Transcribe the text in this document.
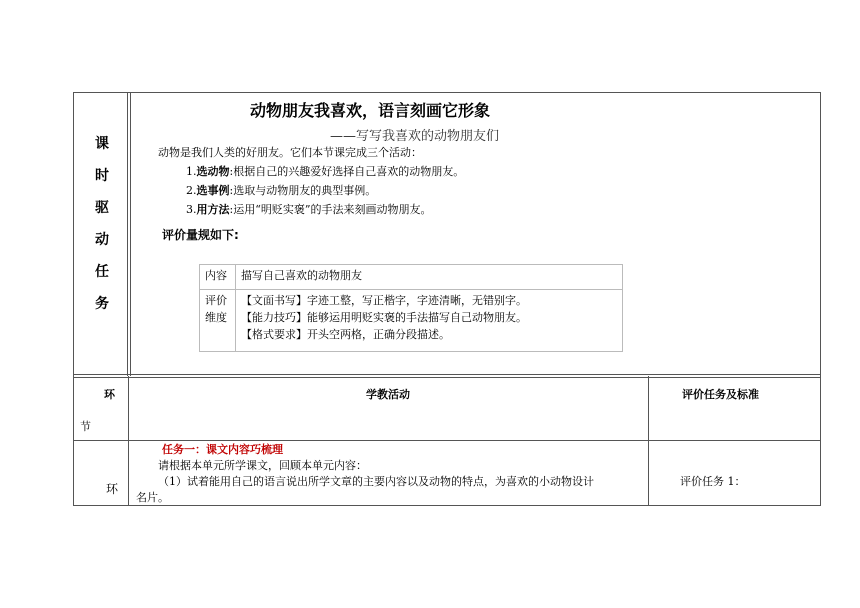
课
时
驱
动
任
务
动物朋友我喜欢，语言刻画它形象
——写写我喜欢的动物朋友们
动物是我们人类的好朋友。它们本节课完成三个活动：
1.选动物:根据自己的兴趣爱好选择自己喜欢的动物朋友。
2.选事例:选取与动物朋友的典型事例。
3.用方法:运用“明贬实褒”的手法来刻画动物朋友。
评价量规如下:
内容 描写自己喜欢的动物朋友
评价
维度
【文面书写】字迹工整，写正楷字，字迹清晰，无错别字。
【能力技巧】能够运用明贬实褒的手法描写自己动物朋友。
【格式要求】开头空两格，正确分段描述。
环
节
学教活动	评价任务及标准
环
任务一：课文内容巧梳理
请根据本单元所学课文，回顾本单元内容：
（1）试着能用自己的语言说出所学文章的主要内容以及动物的特点，为喜欢的小动物设计
名片。
评价任务 1：
